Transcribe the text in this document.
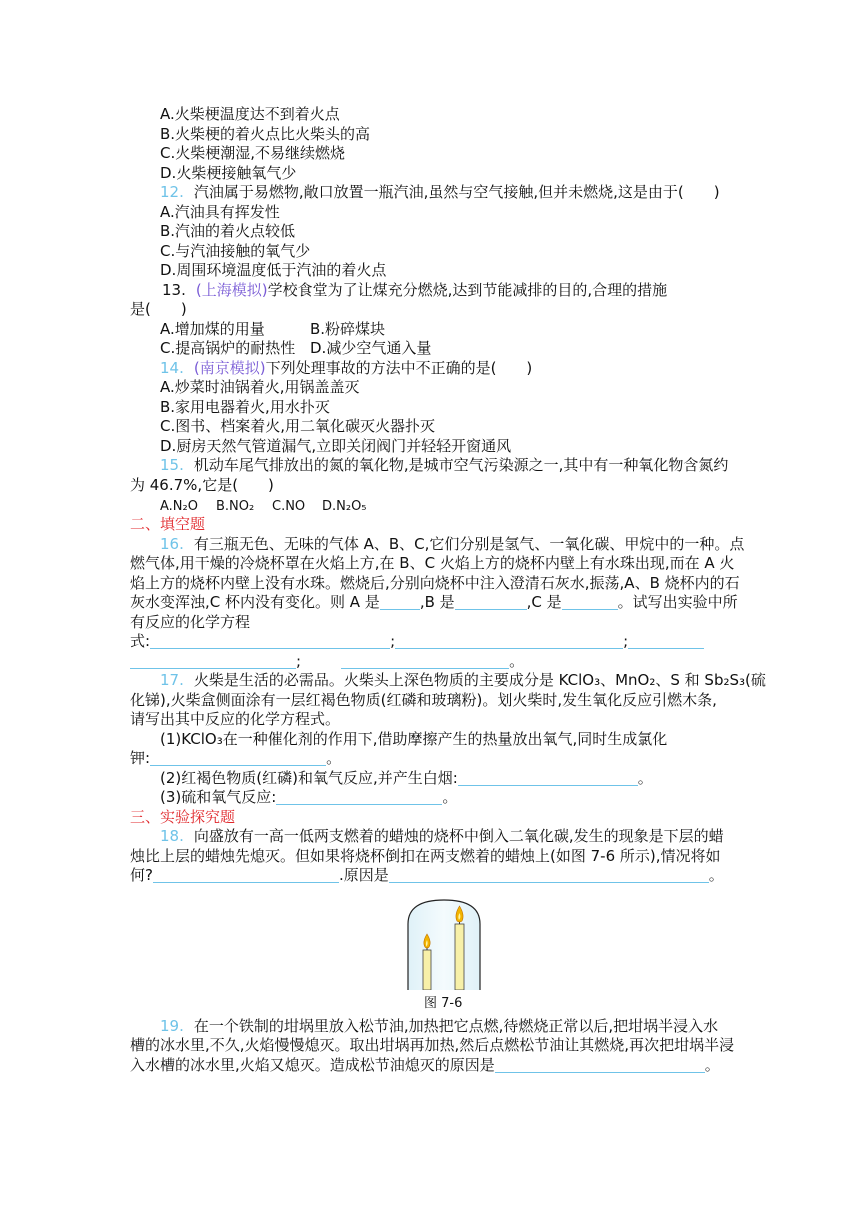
A.火柴梗温度达不到着火点
B.火柴梗的着火点比火柴头的高
C.火柴梗潮湿,不易继续燃烧
D.火柴梗接触氧气少
12. 汽油属于易燃物,敞口放置一瓶汽油,虽然与空气接触,但并未燃烧,这是由于(　　)
A.汽油具有挥发性
B.汽油的着火点较低
C.与汽油接触的氧气少
D.周围环境温度低于汽油的着火点
13. (上海模拟)学校食堂为了让煤充分燃烧,达到节能减排的目的,合理的措施
是(　　)
A.增加煤的用量	B.粉碎煤块
C.提高锅炉的耐热性 D.减少空气通入量
14. (南京模拟)下列处理事故的方法中不正确的是(　　)
A.炒菜时油锅着火,用锅盖盖灭
B.家用电器着火,用水扑灭
C.图书、档案着火,用二氧化碳灭火器扑灭
D.厨房天然气管道漏气,立即关闭阀门并轻轻开窗通风
15. 机动车尾气排放出的氮的氧化物,是城市空气污染源之一,其中有一种氧化物含氮约
为 46.7%,它是(　　)
A.N₂O B.NO₂ C.NO D.N₂O₅
二、填空题
16. 有三瓶无色、无味的气体 A、B、C,它们分别是氢气、一氧化碳、甲烷中的一种。点
燃气体,用干燥的冷烧杯罩在火焰上方,在 B、C 火焰上方的烧杯内壁上有水珠出现,而在 A 火
焰上方的烧杯内壁上没有水珠。燃烧后,分别向烧杯中注入澄清石灰水,振荡,A、B 烧杯内的石
灰水变浑浊,C 杯内没有变化。则 A 是	,B 是	,C 是	。试写出实验中所
有反应的化学方程
式:	;	;
;	。
17. 火柴是生活的必需品。火柴头上深色物质的主要成分是 KClO₃、MnO₂、S 和 Sb₂S₃(硫
化锑),火柴盒侧面涂有一层红褐色物质(红磷和玻璃粉)。划火柴时,发生氧化反应引燃木条,
请写出其中反应的化学方程式。
(1)KClO₃在一种催化剂的作用下,借助摩擦产生的热量放出氧气,同时生成氯化
钾:	。
(2)红褐色物质(红磷)和氧气反应,并产生白烟:	。
(3)硫和氧气反应:	。
三、实验探究题
18. 向盛放有一高一低两支燃着的蜡烛的烧杯中倒入二氧化碳,发生的现象是下层的蜡
烛比上层的蜡烛先熄灭。但如果将烧杯倒扣在两支燃着的蜡烛上(如图 7-6 所示),情况将如
何?	.原因是	。
图 7-6
19. 在一个铁制的坩埚里放入松节油,加热把它点燃,待燃烧正常以后,把坩埚半浸入水
槽的冰水里,不久,火焰慢慢熄灭。取出坩埚再加热,然后点燃松节油让其燃烧,再次把坩埚半浸
入水槽的冰水里,火焰又熄灭。造成松节油熄灭的原因是	。
